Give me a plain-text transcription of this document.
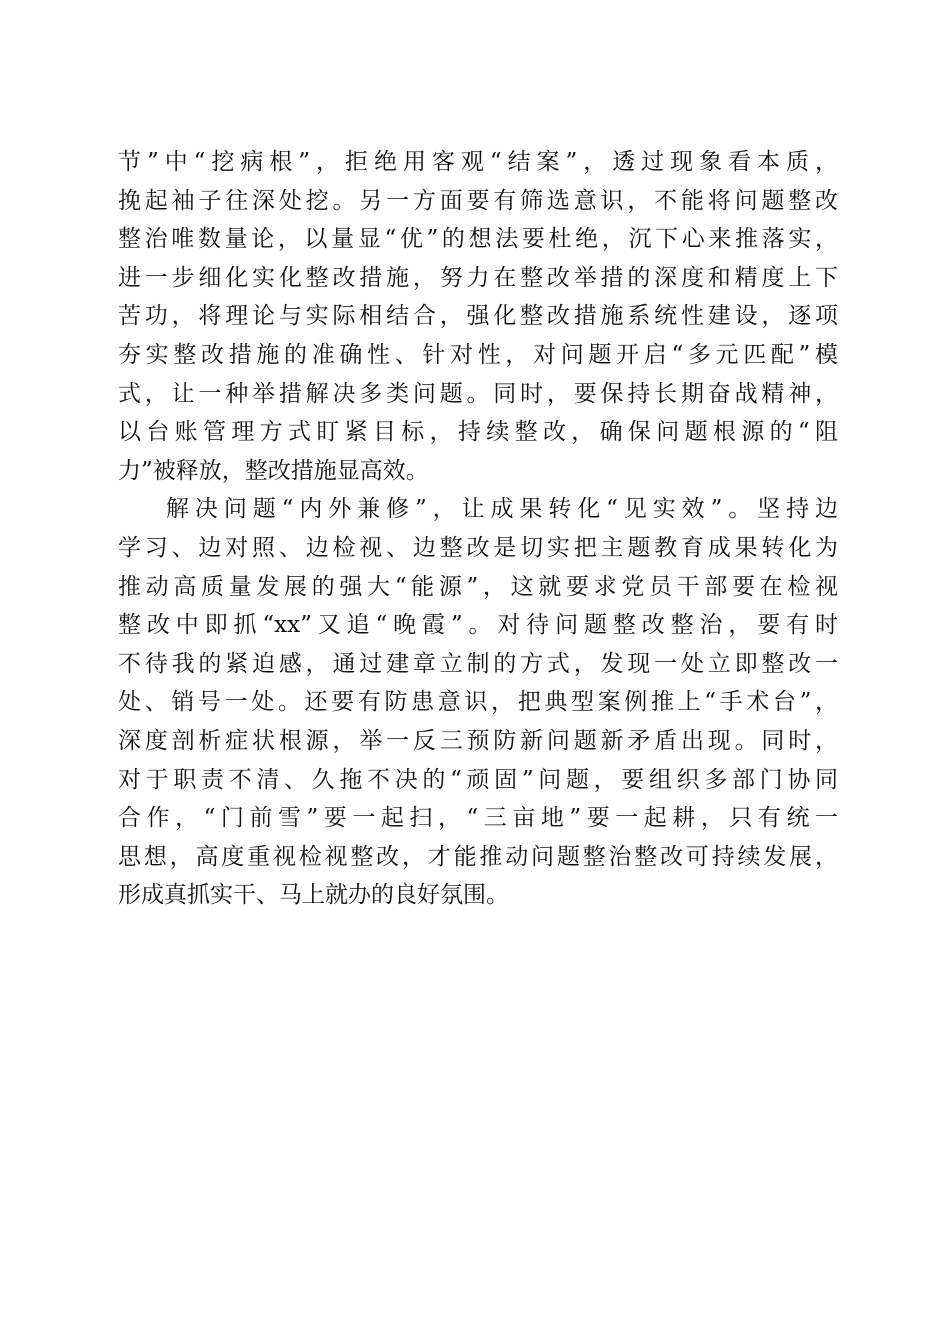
节”中“挖病根”，拒绝用客观“结案”，透过现象看本质，
挽起袖子往深处挖。另一方面要有筛选意识，不能将问题整改
整治唯数量论，以量显“优”的想法要杜绝，沉下心来推落实，
进一步细化实化整改措施，努力在整改举措的深度和精度上下
苦功，将理论与实际相结合，强化整改措施系统性建设，逐项
夯实整改措施的准确性、针对性，对问题开启“多元匹配”模
式，让一种举措解决多类问题。同时，要保持长期奋战精神，
以台账管理方式盯紧目标，持续整改，确保问题根源的“阻
力”被释放，整改措施显高效。
解决问题“内外兼修”，让成果转化“见实效”。坚持边
学习、边对照、边检视、边整改是切实把主题教育成果转化为
推动高质量发展的强大“能源”，这就要求党员干部要在检视
整改中即抓“xx”又追“晚霞”。对待问题整改整治，要有时
不待我的紧迫感，通过建章立制的方式，发现一处立即整改一
处、销号一处。还要有防患意识，把典型案例推上“手术台”，
深度剖析症状根源，举一反三预防新问题新矛盾出现。同时，
对于职责不清、久拖不决的“顽固”问题，要组织多部门协同
合作，“门前雪”要一起扫，“三亩地”要一起耕，只有统一
思想，高度重视检视整改，才能推动问题整治整改可持续发展，
形成真抓实干、马上就办的良好氛围。
